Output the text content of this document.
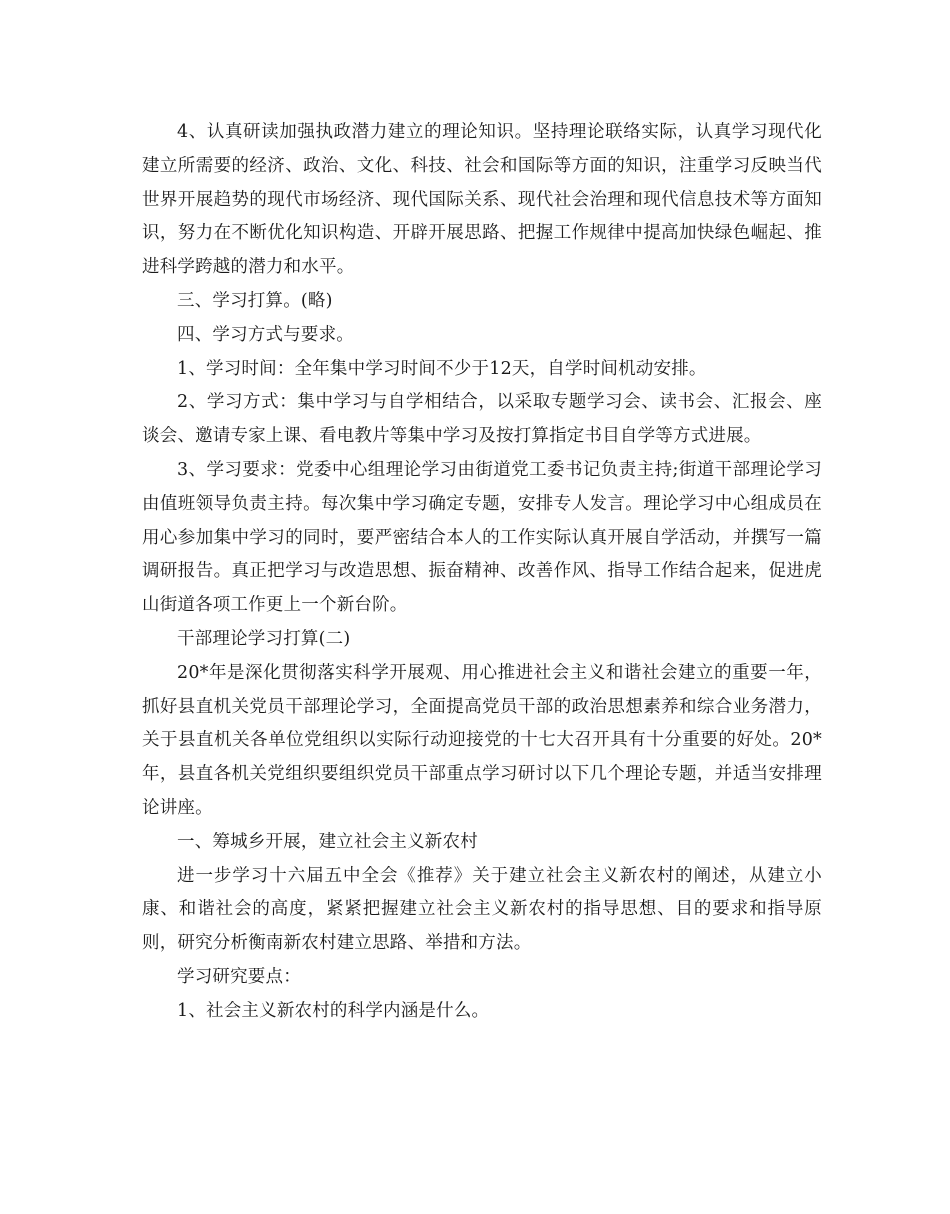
4、认真研读加强执政潜力建立的理论知识。坚持理论联络实际，认真学习现代化建立所需要的经济、政治、文化、科技、社会和国际等方面的知识，注重学习反映当代世界开展趋势的现代市场经济、现代国际关系、现代社会治理和现代信息技术等方面知识，努力在不断优化知识构造、开辟开展思路、把握工作规律中提高加快绿色崛起、推进科学跨越的潜力和水平。

三、学习打算。(略)

四、学习方式与要求。

1、学习时间：全年集中学习时间不少于12天，自学时间机动安排。

2、学习方式：集中学习与自学相结合，以采取专题学习会、读书会、汇报会、座谈会、邀请专家上课、看电教片等集中学习及按打算指定书目自学等方式进展。

3、学习要求：党委中心组理论学习由街道党工委书记负责主持;街道干部理论学习由值班领导负责主持。每次集中学习确定专题，安排专人发言。理论学习中心组成员在用心参加集中学习的同时，要严密结合本人的工作实际认真开展自学活动，并撰写一篇调研报告。真正把学习与改造思想、振奋精神、改善作风、指导工作结合起来，促进虎山街道各项工作更上一个新台阶。

干部理论学习打算(二)

20*年是深化贯彻落实科学开展观、用心推进社会主义和谐社会建立的重要一年，抓好县直机关党员干部理论学习，全面提高党员干部的政治思想素养和综合业务潜力，关于县直机关各单位党组织以实际行动迎接党的十七大召开具有十分重要的好处。20*年，县直各机关党组织要组织党员干部重点学习研讨以下几个理论专题，并适当安排理论讲座。

一、筹城乡开展，建立社会主义新农村

进一步学习十六届五中全会《推荐》关于建立社会主义新农村的阐述，从建立小康、和谐社会的高度，紧紧把握建立社会主义新农村的指导思想、目的要求和指导原则，研究分析衡南新农村建立思路、举措和方法。

学习研究要点：

1、社会主义新农村的科学内涵是什么。
